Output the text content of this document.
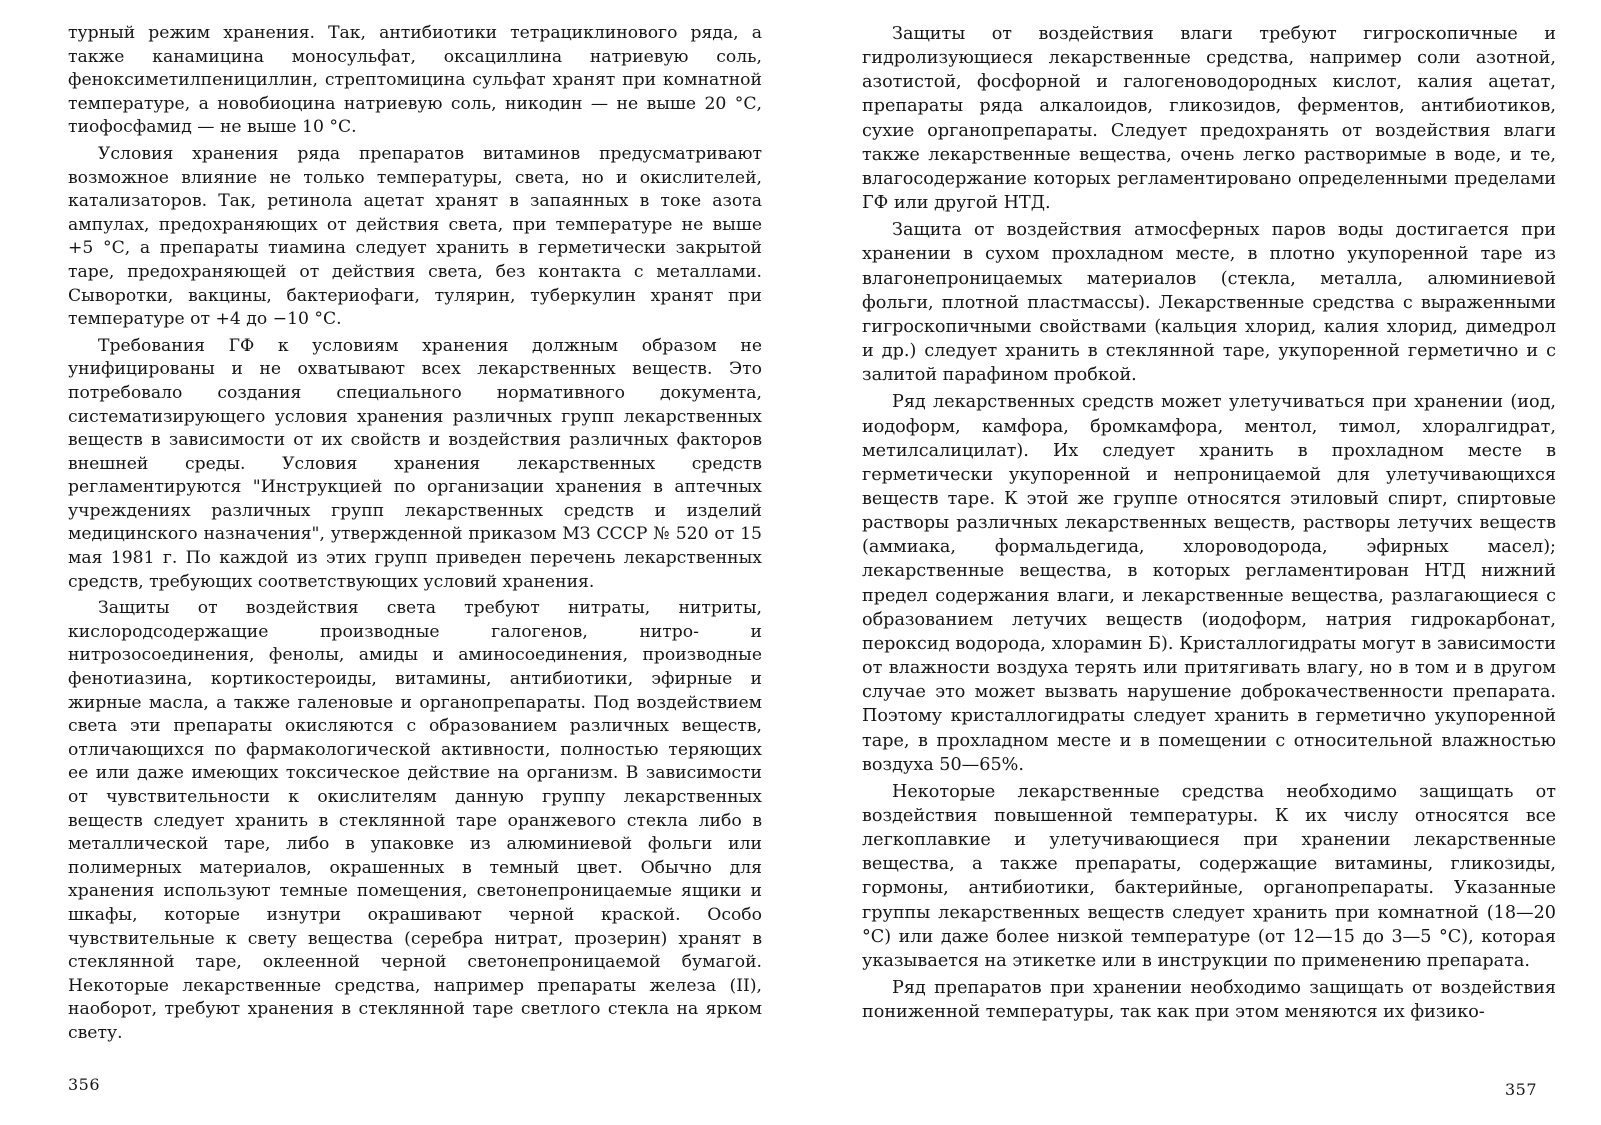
турный режим хранения. Так, антибиотики тетрациклинового ряда, а также канамицина моносульфат, оксациллина натриевую соль, феноксиметилпенициллин, стрептомицина сульфат хранят при комнатной температуре, а новобиоцина натриевую соль, никодин — не выше 20 °С, тиофосфамид — не выше 10 °С.

Условия хранения ряда препаратов витаминов предусматривают возможное влияние не только температуры, света, но и окислителей, катализаторов. Так, ретинола ацетат хранят в запаянных в токе азота ампулах, предохраняющих от действия света, при температуре не выше +5 °С, а препараты тиамина следует хранить в герметически закрытой таре, предохраняющей от действия света, без контакта с металлами. Сыворотки, вакцины, бактериофаги, тулярин, туберкулин хранят при температуре от +4 до −10 °С.

Требования ГФ к условиям хранения должным образом не унифицированы и не охватывают всех лекарственных веществ. Это потребовало создания специального нормативного документа, систематизирующего условия хранения различных групп лекарственных веществ в зависимости от их свойств и воздействия различных факторов внешней среды. Условия хранения лекарственных средств регламентируются "Инструкцией по организации хранения в аптечных учреждениях различных групп лекарственных средств и изделий медицинского назначения", утвержденной приказом МЗ СССР № 520 от 15 мая 1981 г. По каждой из этих групп приведен перечень лекарственных средств, требующих соответствующих условий хранения.

Защиты от воздействия света требуют нитраты, нитриты, кислородсодержащие производные галогенов, нитро- и нитрозосоединения, фенолы, амиды и аминосоединения, производные фенотиазина, кортикостероиды, витамины, антибиотики, эфирные и жирные масла, а также галеновые и органопрепараты. Под воздействием света эти препараты окисляются с образованием различных веществ, отличающихся по фармакологической активности, полностью теряющих ее или даже имеющих токсическое действие на организм. В зависимости от чувствительности к окислителям данную группу лекарственных веществ следует хранить в стеклянной таре оранжевого стекла либо в металлической таре, либо в упаковке из алюминиевой фольги или полимерных материалов, окрашенных в темный цвет. Обычно для хранения используют темные помещения, светонепроницаемые ящики и шкафы, которые изнутри окрашивают черной краской. Особо чувствительные к свету вещества (серебра нитрат, прозерин) хранят в стеклянной таре, оклеенной черной светонепроницаемой бумагой. Некоторые лекарственные средства, например препараты железа (II), наоборот, требуют хранения в стеклянной таре светлого стекла на ярком свету.

Защиты от воздействия влаги требуют гигроскопичные и гидролизующиеся лекарственные средства, например соли азотной, азотистой, фосфорной и галогеноводородных кислот, калия ацетат, препараты ряда алкалоидов, гликозидов, ферментов, антибиотиков, сухие органопрепараты. Следует предохранять от воздействия влаги также лекарственные вещества, очень легко растворимые в воде, и те, влагосодержание которых регламентировано определенными пределами ГФ или другой НТД.

Защита от воздействия атмосферных паров воды достигается при хранении в сухом прохладном месте, в плотно укупоренной таре из влагонепроницаемых материалов (стекла, металла, алюминиевой фольги, плотной пластмассы). Лекарственные средства с выраженными гигроскопичными свойствами (кальция хлорид, калия хлорид, димедрол и др.) следует хранить в стеклянной таре, укупоренной герметично и с залитой парафином пробкой.

Ряд лекарственных средств может улетучиваться при хранении (иод, иодоформ, камфора, бромкамфора, ментол, тимол, хлоралгидрат, метилсалицилат). Их следует хранить в прохладном месте в герметически укупоренной и непроницаемой для улетучивающихся веществ таре. К этой же группе относятся этиловый спирт, спиртовые растворы различных лекарственных веществ, растворы летучих веществ (аммиака, формальдегида, хлороводорода, эфирных масел); лекарственные вещества, в которых регламентирован НТД нижний предел содержания влаги, и лекарственные вещества, разлагающиеся с образованием летучих веществ (иодоформ, натрия гидрокарбонат, пероксид водорода, хлорамин Б). Кристаллогидраты могут в зависимости от влажности воздуха терять или притягивать влагу, но в том и в другом случае это может вызвать нарушение доброкачественности препарата. Поэтому кристаллогидраты следует хранить в герметично укупоренной таре, в прохладном месте и в помещении с относительной влажностью воздуха 50—65%.

Некоторые лекарственные средства необходимо защищать от воздействия повышенной температуры. К их числу относятся все легкоплавкие и улетучивающиеся при хранении лекарственные вещества, а также препараты, содержащие витамины, гликозиды, гормоны, антибиотики, бактерийные, органопрепараты. Указанные группы лекарственных веществ следует хранить при комнатной (18—20 °С) или даже более низкой температуре (от 12—15 до 3—5 °С), которая указывается на этикетке или в инструкции по применению препарата.

Ряд препаратов при хранении необходимо защищать от воздействия пониженной температуры, так как при этом меняются их физико-

356	357
